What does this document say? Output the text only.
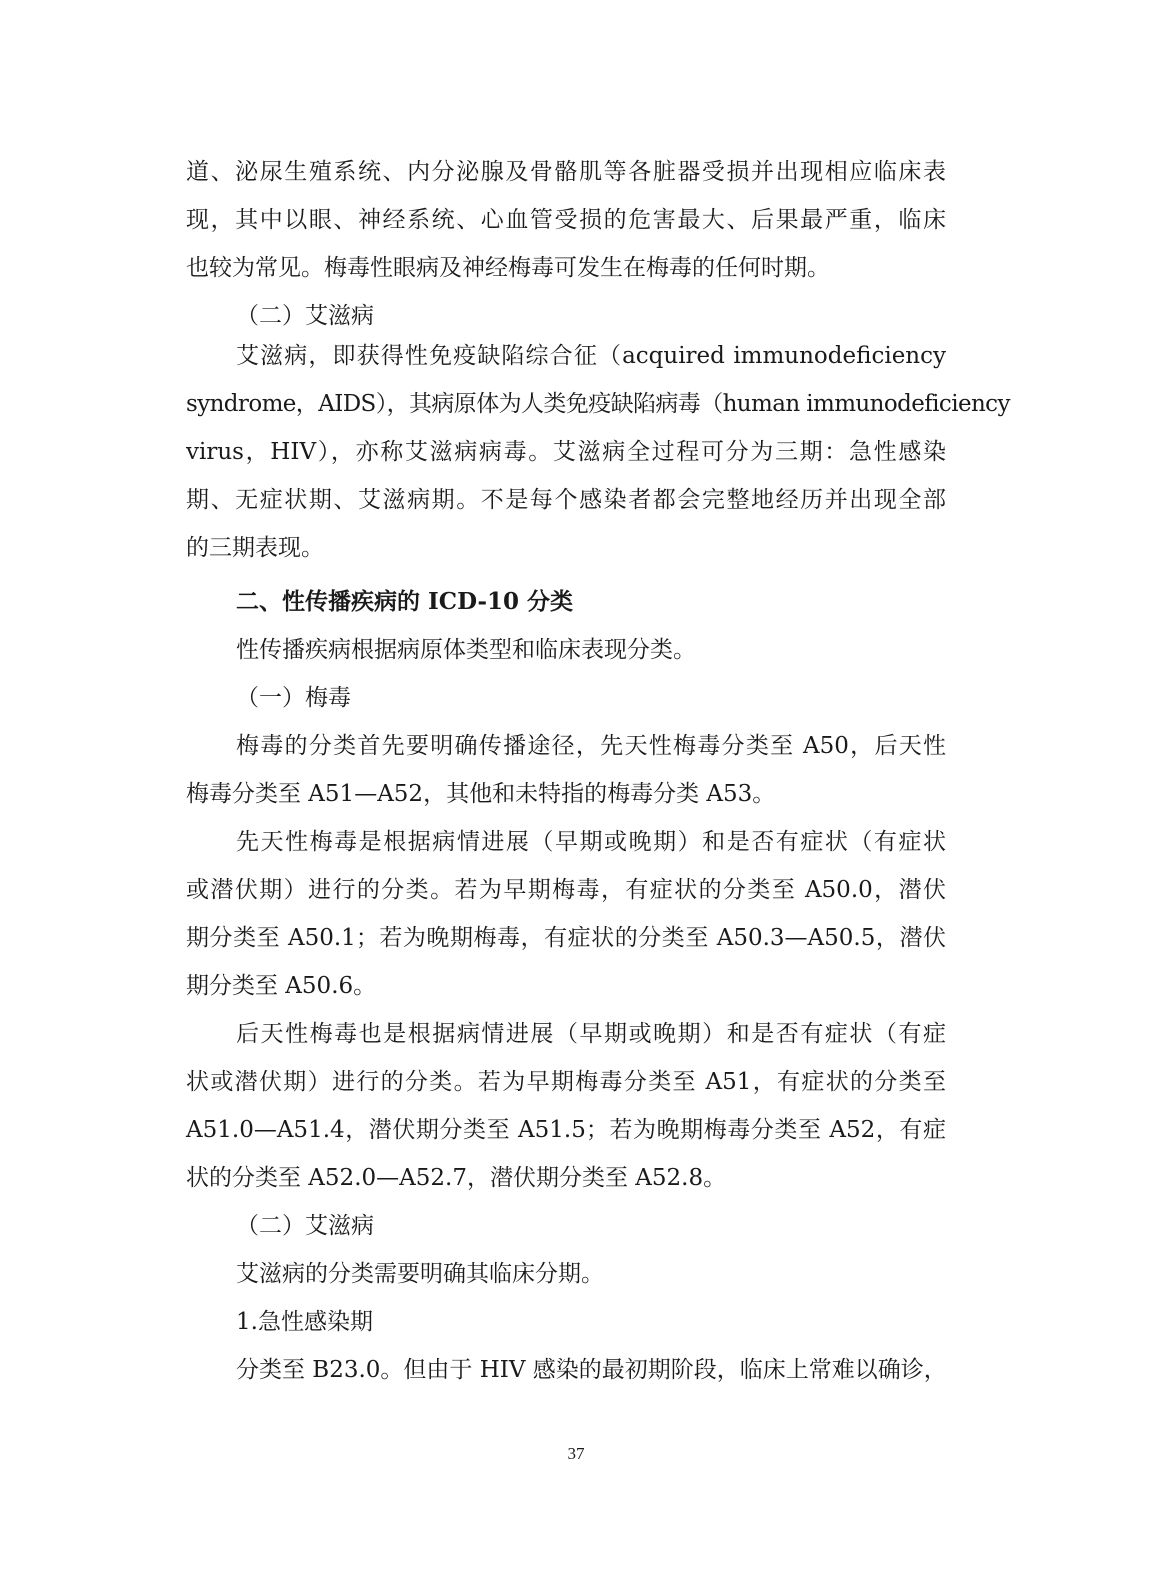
道、泌尿生殖系统、内分泌腺及骨骼肌等各脏器受损并出现相应临床表
现，其中以眼、神经系统、心血管受损的危害最大、后果最严重，临床
也较为常见。梅毒性眼病及神经梅毒可发生在梅毒的任何时期。
（二）艾滋病
艾滋病，即获得性免疫缺陷综合征（acquired immunodeficiency
syndrome，AIDS），其病原体为人类免疫缺陷病毒（human immunodeficiency
virus，HIV），亦称艾滋病病毒。艾滋病全过程可分为三期：急性感染
期、无症状期、艾滋病期。不是每个感染者都会完整地经历并出现全部
的三期表现。
二、性传播疾病的 ICD-10 分类
性传播疾病根据病原体类型和临床表现分类。
（一）梅毒
梅毒的分类首先要明确传播途径，先天性梅毒分类至 A50，后天性
梅毒分类至 A51—A52，其他和未特指的梅毒分类 A53。
先天性梅毒是根据病情进展（早期或晚期）和是否有症状（有症状
或潜伏期）进行的分类。若为早期梅毒，有症状的分类至 A50.0，潜伏
期分类至 A50.1；若为晚期梅毒，有症状的分类至 A50.3—A50.5，潜伏
期分类至 A50.6。
后天性梅毒也是根据病情进展（早期或晚期）和是否有症状（有症
状或潜伏期）进行的分类。若为早期梅毒分类至 A51，有症状的分类至
A51.0—A51.4，潜伏期分类至 A51.5；若为晚期梅毒分类至 A52，有症
状的分类至 A52.0—A52.7，潜伏期分类至 A52.8。
（二）艾滋病
艾滋病的分类需要明确其临床分期。
1.急性感染期
分类至 B23.0。但由于 HIV 感染的最初期阶段，临床上常难以确诊，
37
